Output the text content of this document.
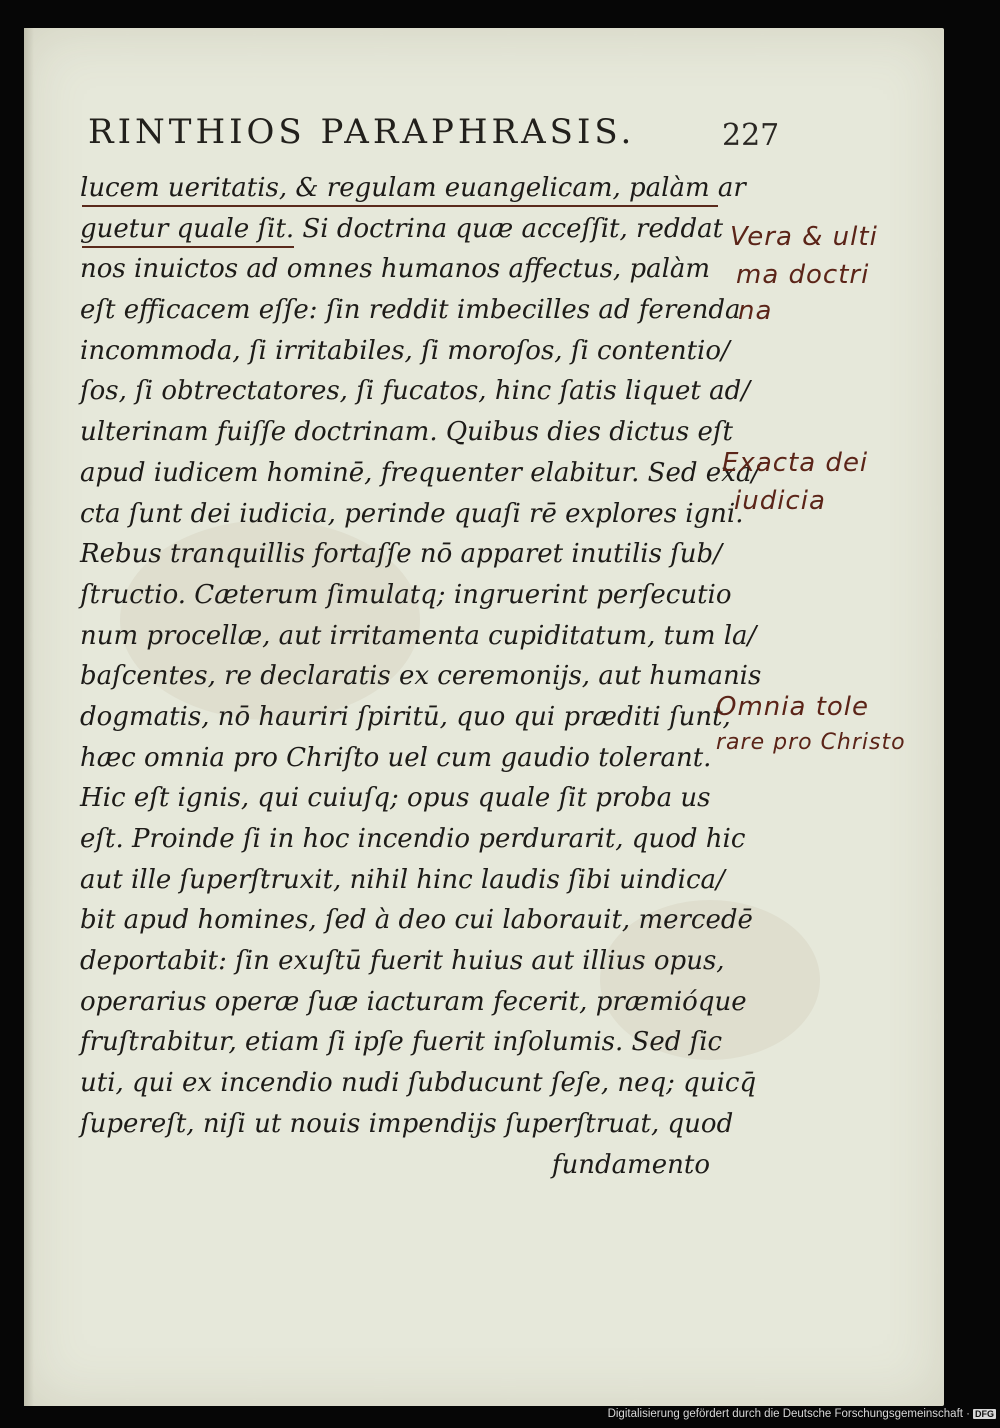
RINTHIOS PARAPHRASIS.	227
lucem ueritatis, & regulam euangelicam, palàm ar
guetur quale ſit. Si doctrina quæ acceſſit, reddat
nos inuictos ad omnes humanos affectus, palàm
eſt efficacem eſſe: ſin reddit imbecilles ad ferenda
incommoda, ſi irritabiles, ſi moroſos, ſi contentio/
ſos, ſi obtrectatores, ſi fucatos, hinc ſatis liquet ad/
ulterinam fuiſſe doctrinam. Quibus dies dictus eſt
apud iudicem hominē, frequenter elabitur. Sed exa/
cta ſunt dei iudicia, perinde quaſi rē explores igni.
Rebus tranquillis fortaſſe nō apparet inutilis ſub/
ſtructio. Cæterum ſimulatq; ingruerint perſecutio
num procellæ, aut irritamenta cupiditatum, tum la/
baſcentes, re declaratis ex ceremonijs, aut humanis
dogmatis, nō hauriri ſpiritū, quo qui præditi ſunt,
hæc omnia pro Chriſto uel cum gaudio tolerant.
Hic eſt ignis, qui cuiuſq; opus quale ſit proba us
eſt. Proinde ſi in hoc incendio perdurarit, quod hic
aut ille ſuperſtruxit, nihil hinc laudis ſibi uindica/
bit apud homines, ſed à deo cui laborauit, mercedē
deportabit: ſin exuſtū fuerit huius aut illius opus,
operarius operæ ſuæ iacturam fecerit, præmióque
fruſtrabitur, etiam ſi ipſe fuerit inſolumis. Sed ſic
uti, qui ex incendio nudi ſubducunt ſeſe, neq; quicq̄
ſupereſt, niſi ut nouis impendijs ſuperſtruat, quod
fundamento
Vera & ulti
ma doctri
na
Exacta dei
iudicia
Omnia tole
rare pro Christo
Digitalisierung gefördert durch die Deutsche Forschungsgemeinschaft · DFG
